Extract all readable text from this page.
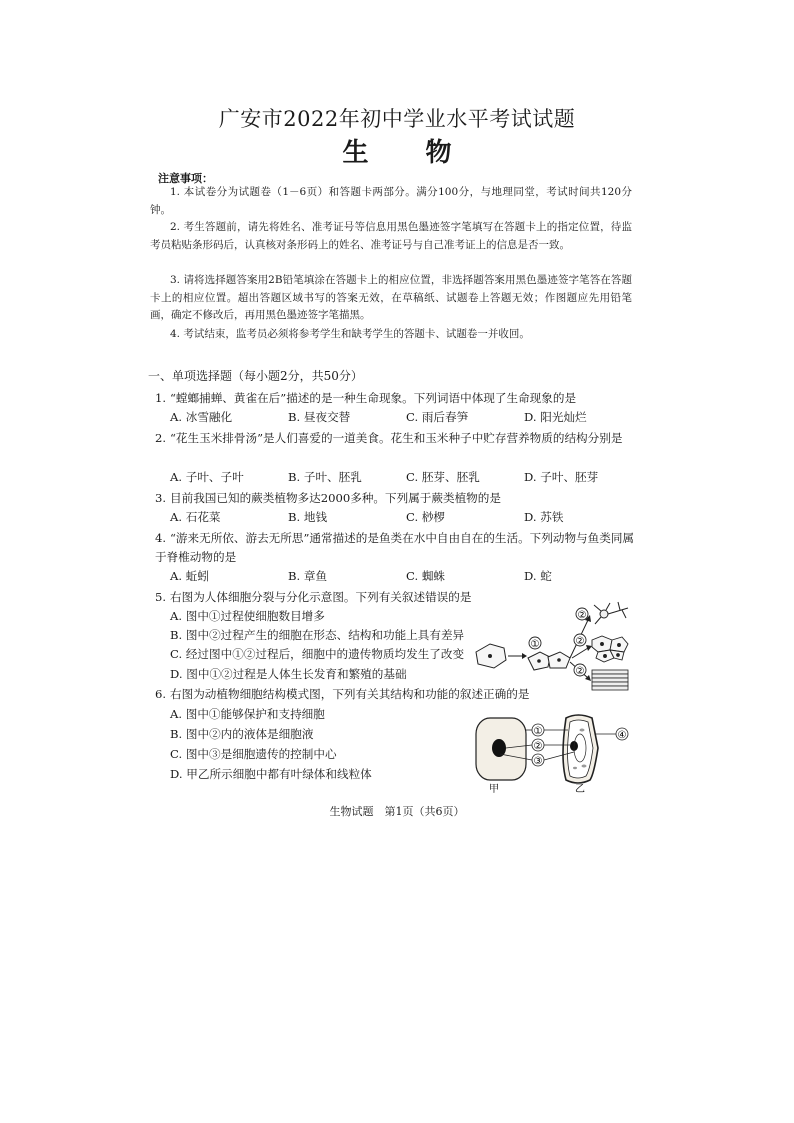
广安市2022年初中学业水平考试试题
生 物
注意事项：
1. 本试卷分为试题卷（1－6页）和答题卡两部分。满分100分，与地理同堂，考试时间共120分钟。
2. 考生答题前，请先将姓名、准考证号等信息用黑色墨迹签字笔填写在答题卡上的指定位置，待监考员粘贴条形码后，认真核对条形码上的姓名、准考证号与自己准考证上的信息是否一致。
3. 请将选择题答案用2B铅笔填涂在答题卡上的相应位置，非选择题答案用黑色墨迹签字笔答在答题卡上的相应位置。超出答题区域书写的答案无效，在草稿纸、试题卷上答题无效；作图题应先用铅笔画，确定不修改后，再用黑色墨迹签字笔描黑。
4. 考试结束，监考员必须将参考学生和缺考学生的答题卡、试题卷一并收回。
一、单项选择题（每小题2分，共50分）
1. “螳螂捕蝉、黄雀在后”描述的是一种生命现象。下列词语中体现了生命现象的是
A. 冰雪融化	B. 昼夜交替	C. 雨后春笋	D. 阳光灿烂
2. “花生玉米排骨汤”是人们喜爱的一道美食。花生和玉米种子中贮存营养物质的结构分别是
A. 子叶、子叶	B. 子叶、胚乳	C. 胚芽、胚乳	D. 子叶、胚芽
3. 目前我国已知的蕨类植物多达2000多种。下列属于蕨类植物的是
A. 石花菜	B. 地钱	C. 桫椤	D. 苏铁
4. “游来无所依、游去无所思”通常描述的是鱼类在水中自由自在的生活。下列动物与鱼类同属于脊椎动物的是
A. 蚯蚓	B. 章鱼	C. 蜘蛛	D. 蛇
5. 右图为人体细胞分裂与分化示意图。下列有关叙述错误的是
A. 图中①过程使细胞数目增多
B. 图中②过程产生的细胞在形态、结构和功能上具有差异
C. 经过图中①②过程后，细胞中的遗传物质均发生了改变
D. 图中①②过程是人体生长发育和繁殖的基础
①
②
②
②
6. 右图为动植物细胞结构模式图，下列有关其结构和功能的叙述正确的是
A. 图中①能够保护和支持细胞
B. 图中②内的液体是细胞液
C. 图中③是细胞遗传的控制中心
D. 甲乙所示细胞中都有叶绿体和线粒体
甲	乙
①
②
③
④
生物试题　第1页（共6页）
